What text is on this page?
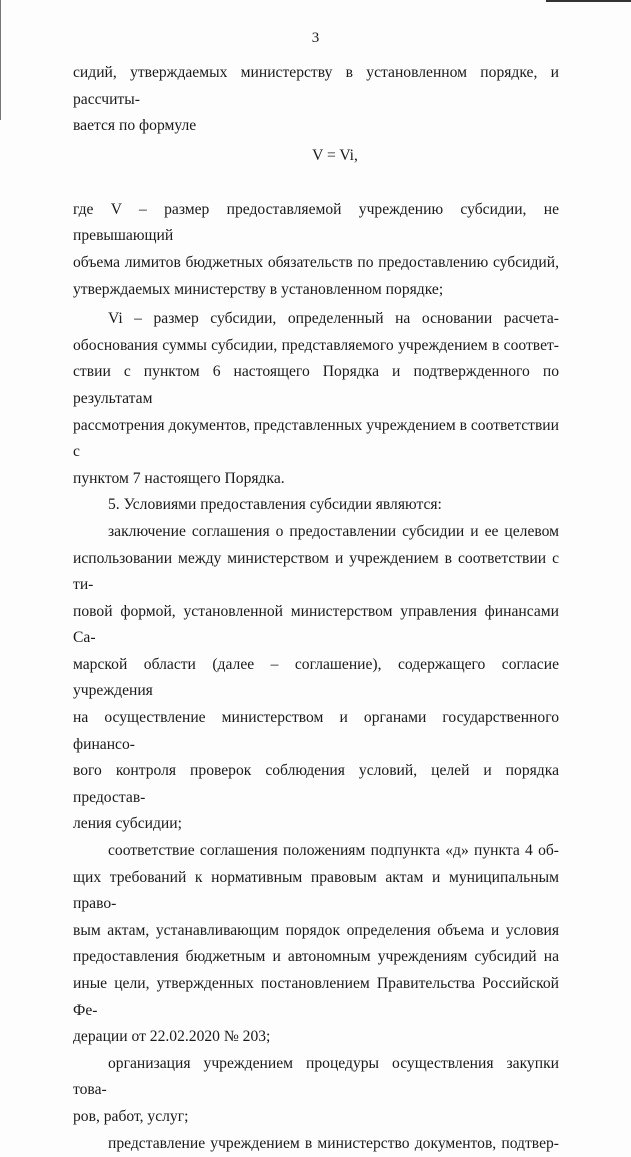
3

сидий, утверждаемых министерству в установленном порядке, и рассчиты-

вается по формуле

V = Vi,

где V – размер предоставляемой учреждению субсидии, не превышающий

объема лимитов бюджетных обязательств по предоставлению субсидий,

утверждаемых министерству в установленном порядке;

Vi – размер субсидии, определенный на основании расчета-

обоснования суммы субсидии, представляемого учреждением в соответ-

ствии с пунктом 6 настоящего Порядка и подтвержденного по результатам

рассмотрения документов, представленных учреждением в соответствии с

пунктом 7 настоящего Порядка.

5. Условиями предоставления субсидии являются:

заключение соглашения о предоставлении субсидии и ее целевом

использовании между министерством и учреждением в соответствии с ти-

повой формой, установленной министерством управления финансами Са-

марской области (далее – соглашение), содержащего согласие учреждения

на осуществление министерством и органами государственного финансо-

вого контроля проверок соблюдения условий, целей и порядка предостав-

ления субсидии;

соответствие соглашения положениям подпункта «д» пункта 4 об-

щих требований к нормативным правовым актам и муниципальным право-

вым актам, устанавливающим порядок определения объема и условия

предоставления бюджетным и автономным учреждениям субсидий на

иные цели, утвержденных постановлением Правительства Российской Фе-

дерации от 22.02.2020 № 203;

организация учреждением процедуры осуществления закупки това-

ров, работ, услуг;

представление учреждением в министерство документов, подтвер-
